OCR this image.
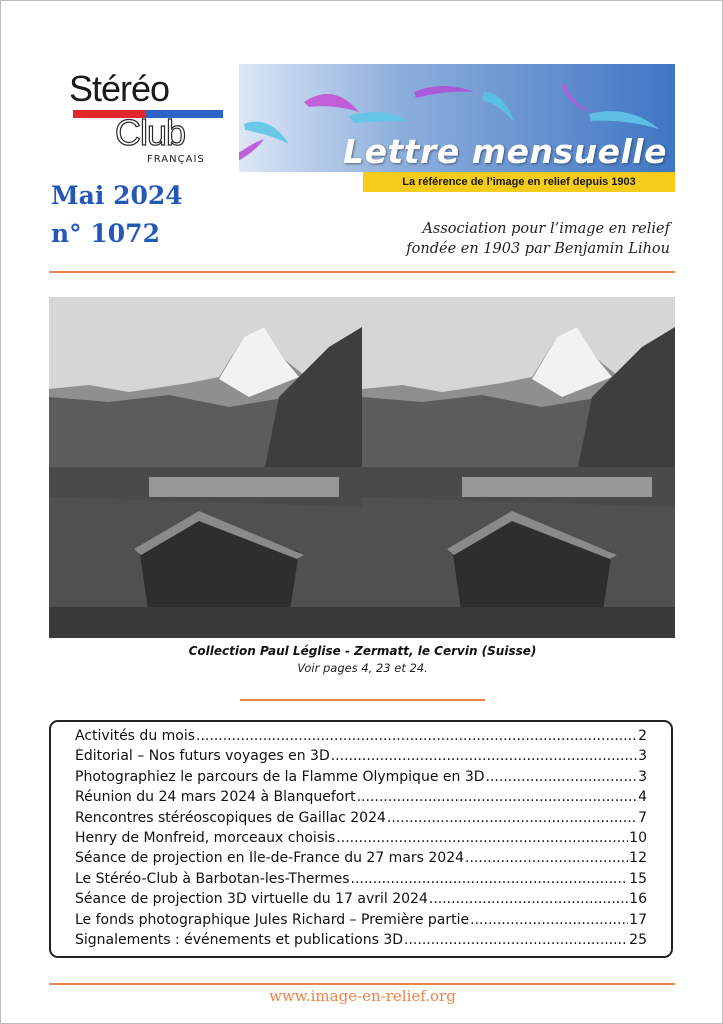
Stéréo
Club
FRANÇAIS	Lettre mensuelle
La référence de l’image en relief depuis 1903
Mai 2024
n° 1072	Association pour l’image en relief
fondée en 1903 par Benjamin Lihou
Collection Paul Léglise - Zermatt, le Cervin (Suisse)
Voir pages 4, 23 et 24.
Activités du mois .....	2
Éditorial – Nos futurs voyages en 3D .....	3
Photographiez le parcours de la Flamme Olympique en 3D .....	3
Réunion du 24 mars 2024 à Blanquefort .....	4
Rencontres stéréoscopiques de Gaillac 2024 .....	7
Henry de Monfreid, morceaux choisis .....	10
Séance de projection en Île-de-France du 27 mars 2024 .....	12
Le Stéréo-Club à Barbotan-les-Thermes .....	15
Séance de projection 3D virtuelle du 17 avril 2024 .....	16
Le fonds photographique Jules Richard – Première partie .....	17
Signalements : événements et publications 3D .....	25
www.image-en-relief.org
